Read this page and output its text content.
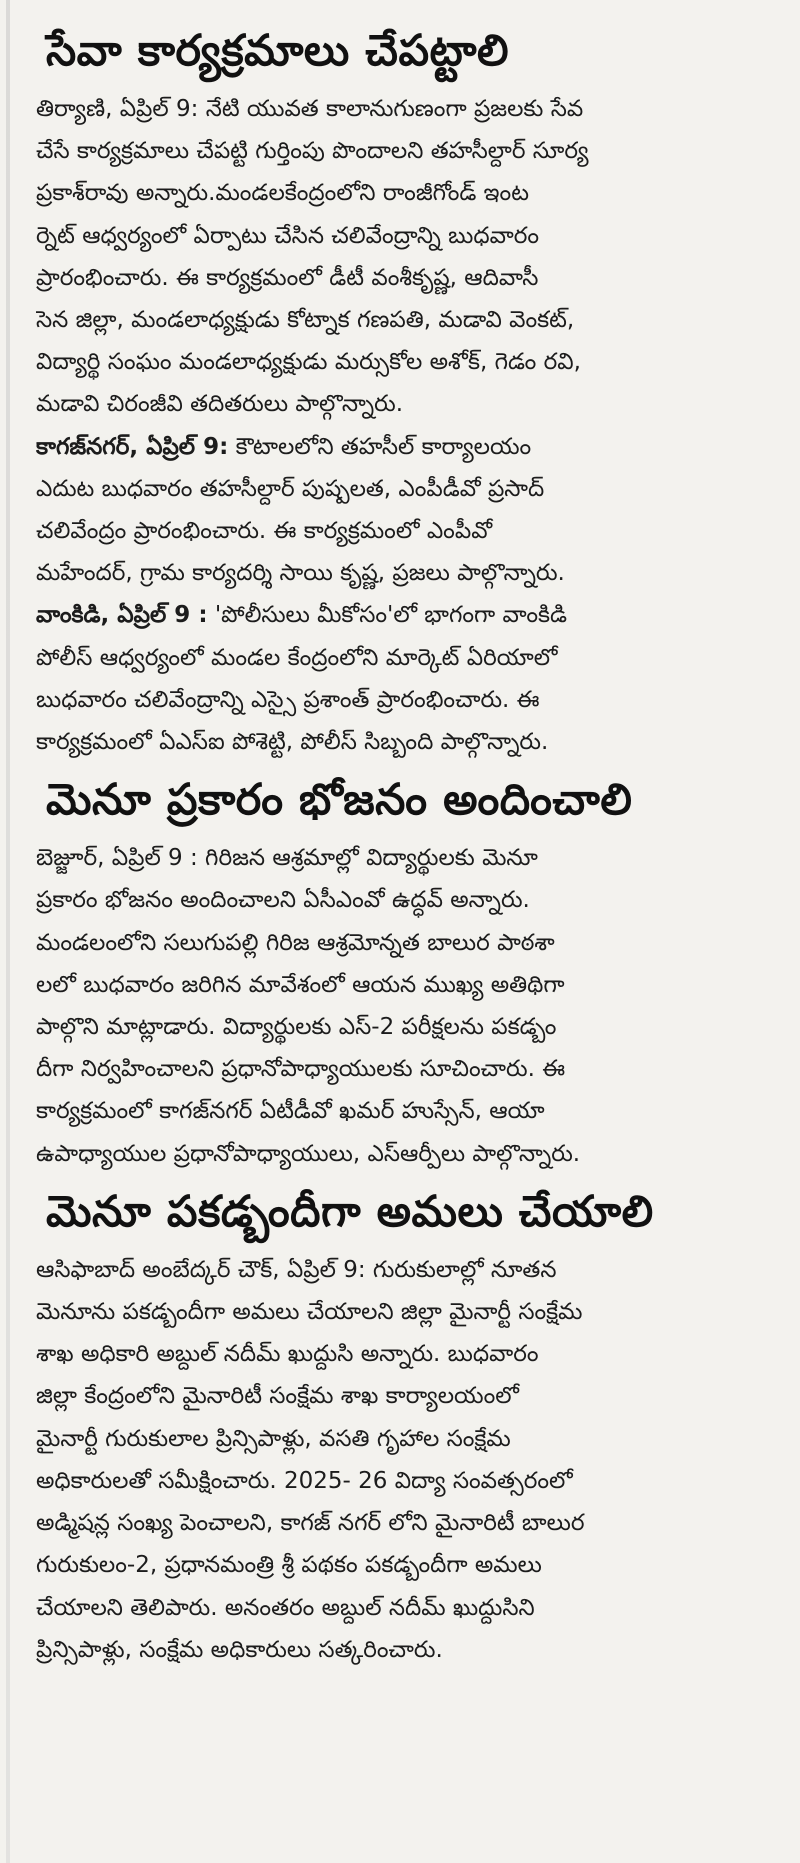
సేవా కార్యక్రమాలు చేపట్టాలి

తిర్యాణి, ఏప్రిల్ 9: నేటి యువత కాలానుగుణంగా ప్రజలకు సేవ
చేసే కార్యక్రమాలు చేపట్టి గుర్తింపు పొందాలని తహసీల్దార్ సూర్య
ప్రకాశ్‌రావు అన్నారు.మండలకేంద్రంలోని రాంజీగోండ్ ఇంట
ర్నెట్ ఆధ్వర్యంలో ఏర్పాటు చేసిన చలివేంద్రాన్ని బుధవారం
ప్రారంభించారు. ఈ కార్యక్రమంలో డీటీ వంశీకృష్ణ, ఆదివాసీ
సెన జిల్లా, మండలాధ్యక్షుడు కోట్నాక గణపతి, మడావి వెంకట్,
విద్యార్థి సంఘం మండలాధ్యక్షుడు మర్సుకోల అశోక్, గెడం రవి,
మడావి చిరంజీవి తదితరులు పాల్గొన్నారు.

కాగజ్‌నగర్, ఏప్రిల్ 9: కౌటాలలోని తహసీల్ కార్యాలయం
ఎదుట బుధవారం తహసీల్దార్ పుష్పలత, ఎంపీడీవో ప్రసాద్
చలివేంద్రం ప్రారంభించారు. ఈ కార్యక్రమంలో ఎంపీవో
మహేందర్, గ్రామ కార్యదర్శి సాయి కృష్ణ, ప్రజలు పాల్గొన్నారు.

వాంకిడి, ఏప్రిల్ 9 : 'పోలీసులు మీకోసం'లో భాగంగా వాంకిడి
పోలీస్ ఆధ్వర్యంలో మండల కేంద్రంలోని మార్కెట్ ఏరియాలో
బుధవారం చలివేంద్రాన్ని ఎస్సై ప్రశాంత్ ప్రారంభించారు. ఈ
కార్యక్రమంలో ఏఎస్ఐ పోశెట్టి, పోలీస్ సిబ్బంది పాల్గొన్నారు.

మెనూ ప్రకారం భోజనం అందించాలి

బెజ్జూర్, ఏప్రిల్ 9 : గిరిజన ఆశ్రమాల్లో విద్యార్థులకు మెనూ
ప్రకారం భోజనం అందించాలని ఏసీఎంవో ఉద్ధవ్ అన్నారు.
మండలంలోని సలుగుపల్లి గిరిజ ఆశ్రమోన్నత బాలుర పాఠశా
లలో బుధవారం జరిగిన మావేశంలో ఆయన ముఖ్య అతిథిగా
పాల్గొని మాట్లాడారు. విద్యార్థులకు ఎస్-2 పరీక్షలను పకడ్బం
దీగా నిర్వహించాలని ప్రధానోపాధ్యాయులకు సూచించారు. ఈ
కార్యక్రమంలో కాగజ్‌నగర్ ఏటీడీవో ఖమర్ హుస్సేన్, ఆయా
ఉపాధ్యాయుల ప్రధానోపాధ్యాయులు, ఎస్ఆర్పీలు పాల్గొన్నారు.

మెనూ పకడ్బందీగా అమలు చేయాలి

ఆసిఫాబాద్ అంబేద్కర్ చౌక్, ఏప్రిల్ 9: గురుకులాల్లో నూతన
మెనూను పకడ్బందీగా అమలు చేయాలని జిల్లా మైనార్టీ సంక్షేమ
శాఖ అధికారి అబ్దుల్ నదీమ్ ఖుద్దుసి అన్నారు. బుధవారం
జిల్లా కేంద్రంలోని మైనారిటీ సంక్షేమ శాఖ కార్యాలయంలో
మైనార్టీ గురుకులాల ప్రిన్సిపాళ్లు, వసతి గృహాల సంక్షేమ
అధికారులతో సమీక్షించారు. 2025- 26 విద్యా సంవత్సరంలో
అడ్మిషన్ల సంఖ్య పెంచాలని, కాగజ్ నగర్ లోని మైనారిటీ బాలుర
గురుకులం-2, ప్రధానమంత్రి శ్రీ పథకం పకడ్బందీగా అమలు
చేయాలని తెలిపారు. అనంతరం అబ్దుల్ నదీమ్ ఖుద్దుసిని
ప్రిన్సిపాళ్లు, సంక్షేమ అధికారులు సత్కరించారు.
